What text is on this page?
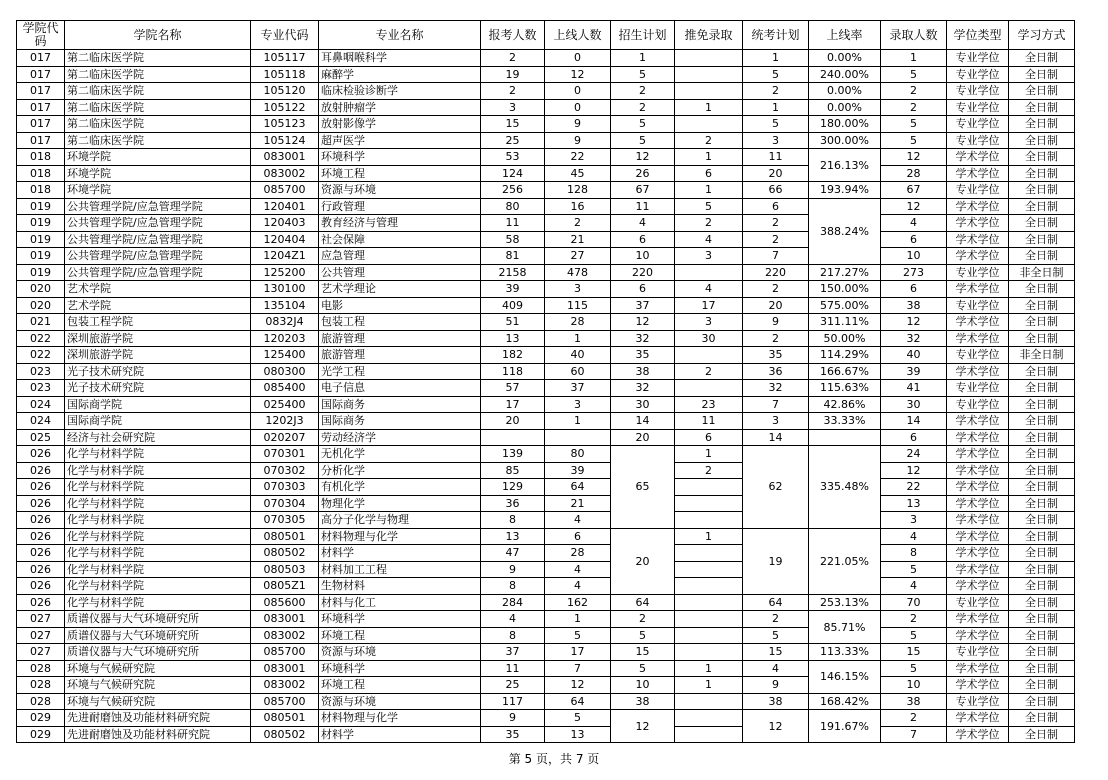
学院代码	学院名称	专业代码	专业名称	报考人数	上线人数	招生计划	推免录取	统考计划	上线率	录取人数	学位类型	学习方式
017	第二临床医学院	105117	耳鼻咽喉科学	2	0	1		1	0.00%	1	专业学位	全日制
017	第二临床医学院	105118	麻醉学	19	12	5		5	240.00%	5	专业学位	全日制
017	第二临床医学院	105120	临床检验诊断学	2	0	2		2	0.00%	2	专业学位	全日制
017	第二临床医学院	105122	放射肿瘤学	3	0	2	1	1	0.00%	2	专业学位	全日制
017	第二临床医学院	105123	放射影像学	15	9	5		5	180.00%	5	专业学位	全日制
017	第二临床医学院	105124	超声医学	25	9	5	2	3	300.00%	5	专业学位	全日制
018	环境学院	083001	环境科学	53	22	12	1	11	216.13%	12	学术学位	全日制
018	环境学院	083002	环境工程	124	45	26	6	20		28	学术学位	全日制
018	环境学院	085700	资源与环境	256	128	67	1	66	193.94%	67	专业学位	全日制
019	公共管理学院/应急管理学院	120401	行政管理	80	16	11	5	6	388.24%	12	学术学位	全日制
019	公共管理学院/应急管理学院	120403	教育经济与管理	11	2	4	2	2		4	学术学位	全日制
019	公共管理学院/应急管理学院	120404	社会保障	58	21	6	4	2		6	学术学位	全日制
019	公共管理学院/应急管理学院	1204Z1	应急管理	81	27	10	3	7		10	学术学位	全日制
019	公共管理学院/应急管理学院	125200	公共管理	2158	478	220		220	217.27%	273	专业学位	非全日制
020	艺术学院	130100	艺术学理论	39	3	6	4	2	150.00%	6	学术学位	全日制
020	艺术学院	135104	电影	409	115	37	17	20	575.00%	38	专业学位	全日制
021	包装工程学院	0832J4	包装工程	51	28	12	3	9	311.11%	12	学术学位	全日制
022	深圳旅游学院	120203	旅游管理	13	1	32	30	2	50.00%	32	学术学位	全日制
022	深圳旅游学院	125400	旅游管理	182	40	35		35	114.29%	40	专业学位	非全日制
023	光子技术研究院	080300	光学工程	118	60	38	2	36	166.67%	39	学术学位	全日制
023	光子技术研究院	085400	电子信息	57	37	32		32	115.63%	41	专业学位	全日制
024	国际商学院	025400	国际商务	17	3	30	23	7	42.86%	30	专业学位	全日制
024	国际商学院	1202J3	国际商务	20	1	14	11	3	33.33%	14	学术学位	全日制
025	经济与社会研究院	020207	劳动经济学			20	6	14		6	学术学位	全日制
026	化学与材料学院	070301	无机化学	139	80	65	1	62	335.48%	24	学术学位	全日制
026	化学与材料学院	070302	分析化学	85	39		2			12	学术学位	全日制
026	化学与材料学院	070303	有机化学	129	64					22	学术学位	全日制
026	化学与材料学院	070304	物理化学	36	21					13	学术学位	全日制
026	化学与材料学院	070305	高分子化学与物理	8	4					3	学术学位	全日制
026	化学与材料学院	080501	材料物理与化学	13	6	20	1	19	221.05%	4	学术学位	全日制
026	化学与材料学院	080502	材料学	47	28					8	学术学位	全日制
026	化学与材料学院	080503	材料加工工程	9	4					5	学术学位	全日制
026	化学与材料学院	0805Z1	生物材料	8	4					4	学术学位	全日制
026	化学与材料学院	085600	材料与化工	284	162	64		64	253.13%	70	专业学位	全日制
027	质谱仪器与大气环境研究所	083001	环境科学	4	1	2		2	85.71%	2	学术学位	全日制
027	质谱仪器与大气环境研究所	083002	环境工程	8	5	5		5		5	学术学位	全日制
027	质谱仪器与大气环境研究所	085700	资源与环境	37	17	15		15	113.33%	15	专业学位	全日制
028	环境与气候研究院	083001	环境科学	11	7	5	1	4	146.15%	5	学术学位	全日制
028	环境与气候研究院	083002	环境工程	25	12	10	1	9		10	学术学位	全日制
028	环境与气候研究院	085700	资源与环境	117	64	38		38	168.42%	38	专业学位	全日制
029	先进耐磨蚀及功能材料研究院	080501	材料物理与化学	9	5	12		12	191.67%	2	学术学位	全日制
029	先进耐磨蚀及功能材料研究院	080502	材料学	35	13					7	学术学位	全日制
第 5 页，共 7 页
